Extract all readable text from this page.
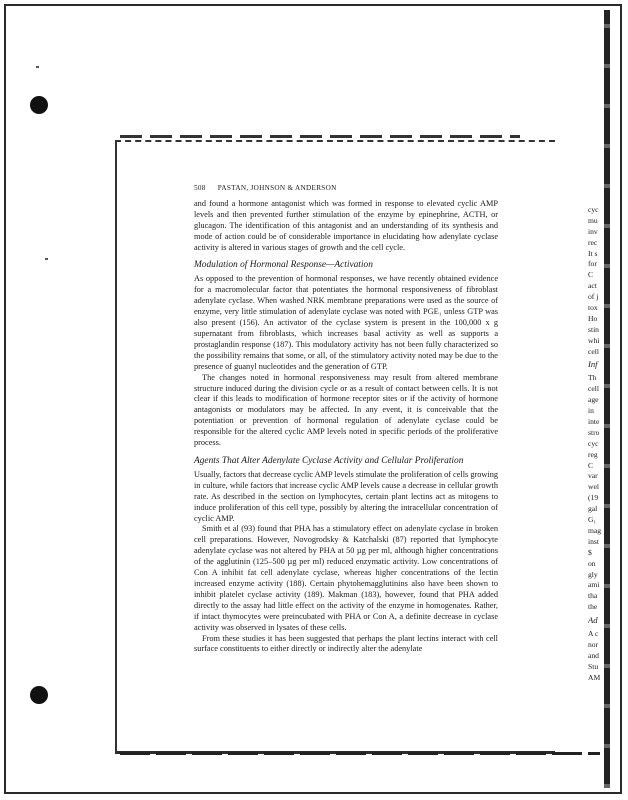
508 PASTAN, JOHNSON & ANDERSON

and found a hormone antagonist which was formed in response to elevated cyclic AMP levels and then prevented further stimulation of the enzyme by epinephrine, ACTH, or glucagon. The identification of this antagonist and an understanding of its synthesis and mode of action could be of considerable importance in elucidating how adenylate cyclase activity is altered in various stages of growth and the cell cycle.

Modulation of Hormonal Response—Activation

As opposed to the prevention of hormonal responses, we have recently obtained evidence for a macromolecular factor that potentiates the hormonal responsiveness of fibroblast adenylate cyclase. When washed NRK membrane preparations were used as the source of enzyme, very little stimulation of adenylate cyclase was noted with PGE₁ unless GTP was also present (156). An activator of the cyclase system is present in the 100,000 x g supernatant from fibroblasts, which increases basal activity as well as supports a prostaglandin response (187). This modulatory activity has not been fully characterized so the possibility remains that some, or all, of the stimulatory activity noted may be due to the presence of guanyl nucleotides and the generation of GTP.

The changes noted in hormonal responsiveness may result from altered membrane structure induced during the division cycle or as a result of contact between cells. It is not clear if this leads to modification of hormone receptor sites or if the activity of hormone antagonists or modulators may be affected. In any event, it is conceivable that the potentiation or prevention of hormonal regulation of adenylate cyclase could be responsible for the altered cyclic AMP levels noted in specific periods of the proliferative process.

Agents That Alter Adenylate Cyclase Activity and Cellular Proliferation

Usually, factors that decrease cyclic AMP levels stimulate the proliferation of cells growing in culture, while factors that increase cyclic AMP levels cause a decrease in cellular growth rate. As described in the section on lymphocytes, certain plant lectins act as mitogens to induce proliferation of this cell type, possibly by altering the intracellular concentration of cyclic AMP.

Smith et al (93) found that PHA has a stimulatory effect on adenylate cyclase in broken cell preparations. However, Novogrodsky & Katchalski (87) reported that lymphocyte adenylate cyclase was not altered by PHA at 50 µg per ml, although higher concentrations of the agglutinin (125–500 µg per ml) reduced enzymatic activity. Low concentrations of Con A inhibit fat cell adenylate cyclase, whereas higher concentrations of the lectin increased enzyme activity (188). Certain phytohemagglutinins also have been shown to inhibit platelet cyclase activity (189). Makman (183), however, found that PHA added directly to the assay had little effect on the activity of the enzyme in homogenates. Rather, if intact thymocytes were preincubated with PHA or Con A, a definite decrease in cyclase activity was observed in lysates of these cells.

From these studies it has been suggested that perhaps the plant lectins interact with cell surface constituents to either directly or indirectly alter the adenylate

cyc
mu
inv
rec
It s
for
C
act
of j
tox
Ho
stin
whi
cell
Inf
Th
cell
age
in
inte
stro
cyc
reg
C
var
wel
(19
gal
G₁
mag
inst
$
on
gly
ami
tha
the
Ad
A c
nor
and
Stu
AM
